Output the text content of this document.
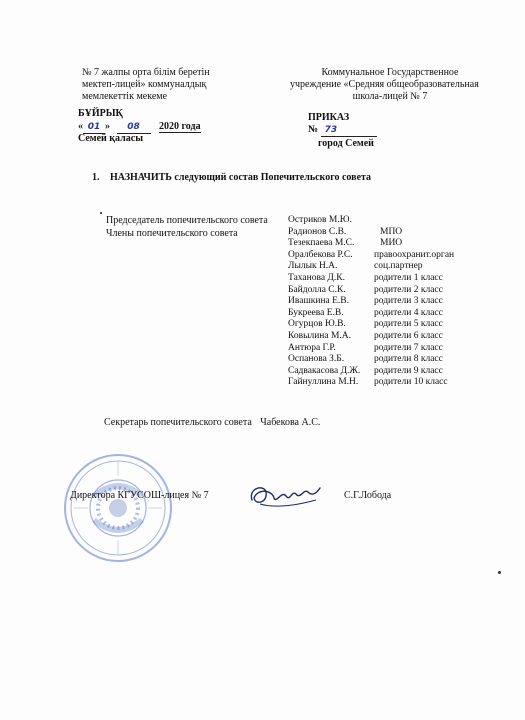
№ 7 жалпы орта білім беретін
мектеп-лицей» коммуналдық
мемлекеттік мекеме
БҰЙРЫҚ
« 01 » 08 2020 года
Семей қаласы
Коммунальное Государственное
учреждение «Средняя общеобразовательная
школа-лицей № 7
ПРИКАЗ
№ 73
город Семей
1. НАЗНАЧИТЬ следующий состав Попечительского совета
Председатель попечительского совета
Члены попечительского совета
Остриков М.Ю.
Радионов С.В.	МПО
Тезекпаева М.С.	МИО
Оралбекова Р.С.	правоохранит.орган
Лылык Н.А.	соц.партнер
Таханова Д.К.	родители 1 класс
Байдолла С.К.	родители 2 класс
Ивашкина Е.В.	родители 3 класс
Букреева Е.В.	родители 4 класс
Огурцов Ю.В.	родители 5 класс
Ковылина М.А.	родители 6 класс
Антюра Г.Р.	родители 7 класс
Оспанова З.Б.	родители 8 класс
Садвакасова Д.Ж.	родители 9 класс
Гайнуллина М.Н.	родители 10 класс
Секретарь попечительского совета Чабекова А.С.
Директора КГУСОШ-лицея № 7	С.Г.Лобода
